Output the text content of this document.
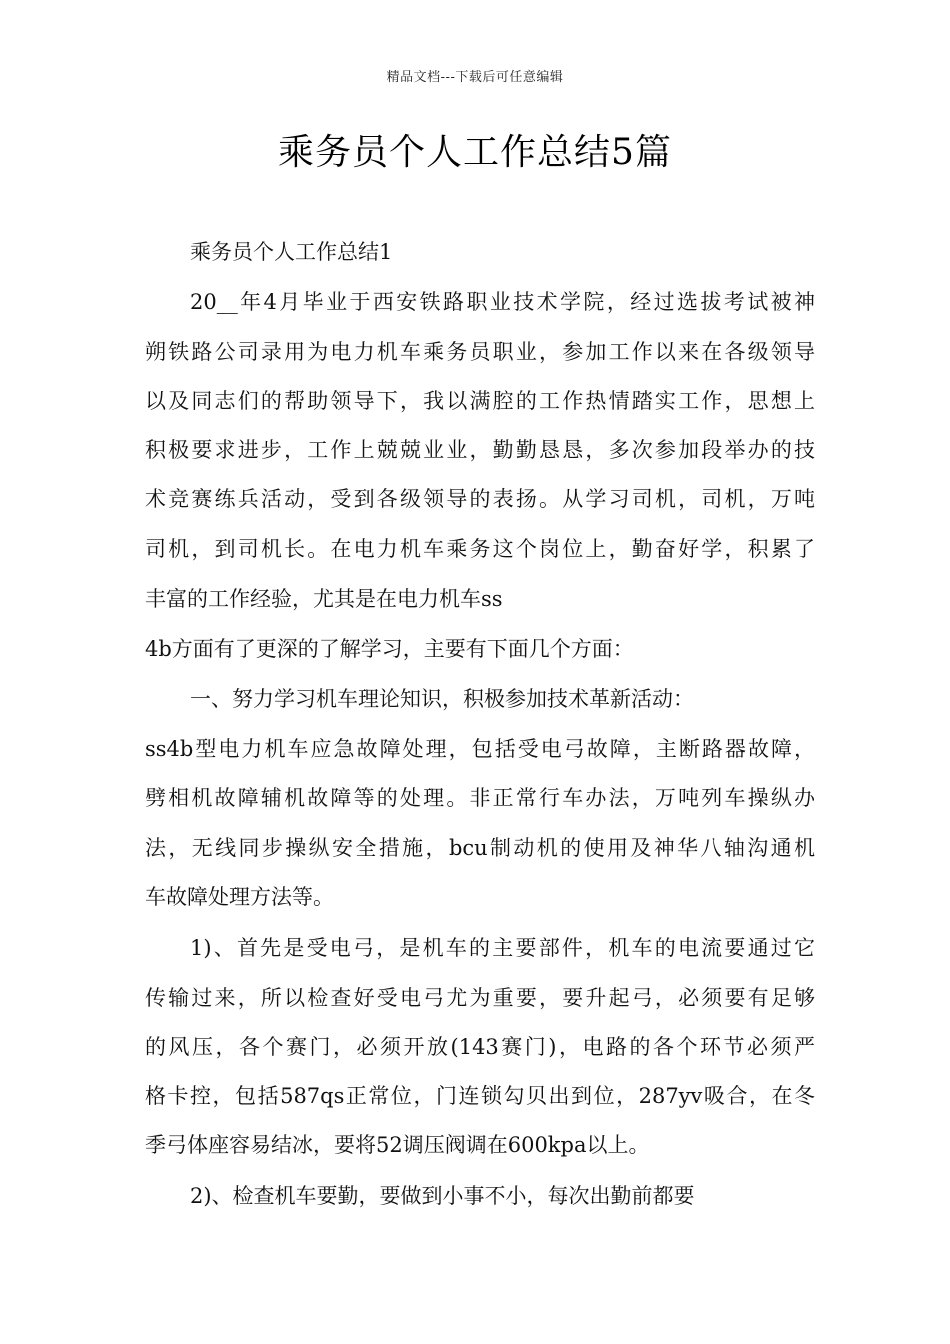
精品文档---下载后可任意编辑
乘务员个人工作总结5篇
乘务员个人工作总结1
20__年4月毕业于西安铁路职业技术学院，经过选拔考试被神
朔铁路公司录用为电力机车乘务员职业，参加工作以来在各级领导
以及同志们的帮助领导下，我以满腔的工作热情踏实工作，思想上
积极要求进步，工作上兢兢业业，勤勤恳恳，多次参加段举办的技
术竞赛练兵活动，受到各级领导的表扬。从学习司机，司机，万吨
司机，到司机长。在电力机车乘务这个岗位上，勤奋好学，积累了
丰富的工作经验，尤其是在电力机车ss
4b方面有了更深的了解学习，主要有下面几个方面：
一、努力学习机车理论知识，积极参加技术革新活动：
ss4b型电力机车应急故障处理，包括受电弓故障，主断路器故障，
劈相机故障辅机故障等的处理。非正常行车办法，万吨列车操纵办
法，无线同步操纵安全措施，bcu制动机的使用及神华八轴沟通机
车故障处理方法等。
1)、首先是受电弓，是机车的主要部件，机车的电流要通过它
传输过来，所以检查好受电弓尤为重要，要升起弓，必须要有足够
的风压，各个赛门，必须开放(143赛门)，电路的各个环节必须严
格卡控，包括587qs正常位，门连锁勾贝出到位，287yv吸合，在冬
季弓体座容易结冰，要将52调压阀调在600kpa以上。
2)、检查机车要勤，要做到小事不小，每次出勤前都要
